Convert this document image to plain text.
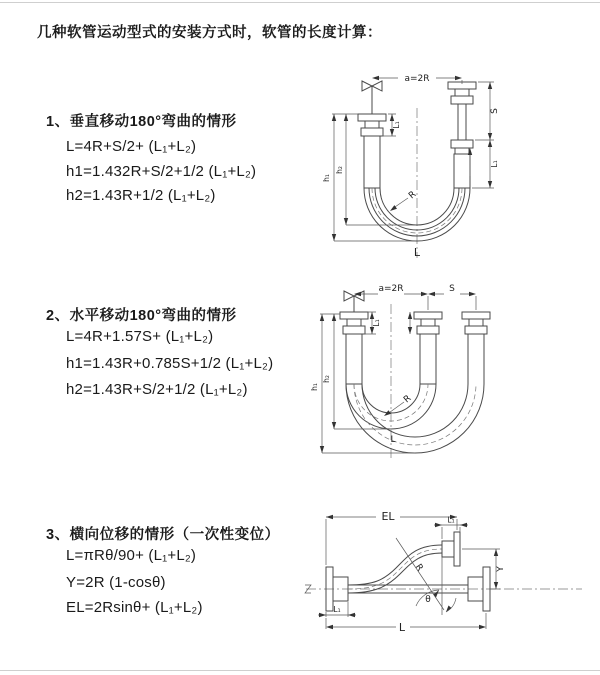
几种软管运动型式的安装方式时，软管的长度计算：
1、垂直移动180°弯曲的情形
L=4R+S/2+ (L₁+L₂)
h1=1.432R+S/2+1/2 (L₁+L₂)
h2=1.43R+1/2 (L₁+L₂)
a=2R
S
L₁
L₁
h₁
h₂
R
L
2、水平移动180°弯曲的情形
L=4R+1.57S+ (L₁+L₂)
h1=1.43R+0.785S+1/2 (L₁+L₂)
h2=1.43R+S/2+1/2 (L₁+L₂)
a=2R	S
L₁
h₁
h₂
R
L
3、横向位移的情形（一次性变位）
L=πRθ/90+ (L₁+L₂)
Y=2R (1-cosθ)
EL=2Rsinθ+ (L₁+L₂)
EL	L₁
Y
R
θ
L₁
L
